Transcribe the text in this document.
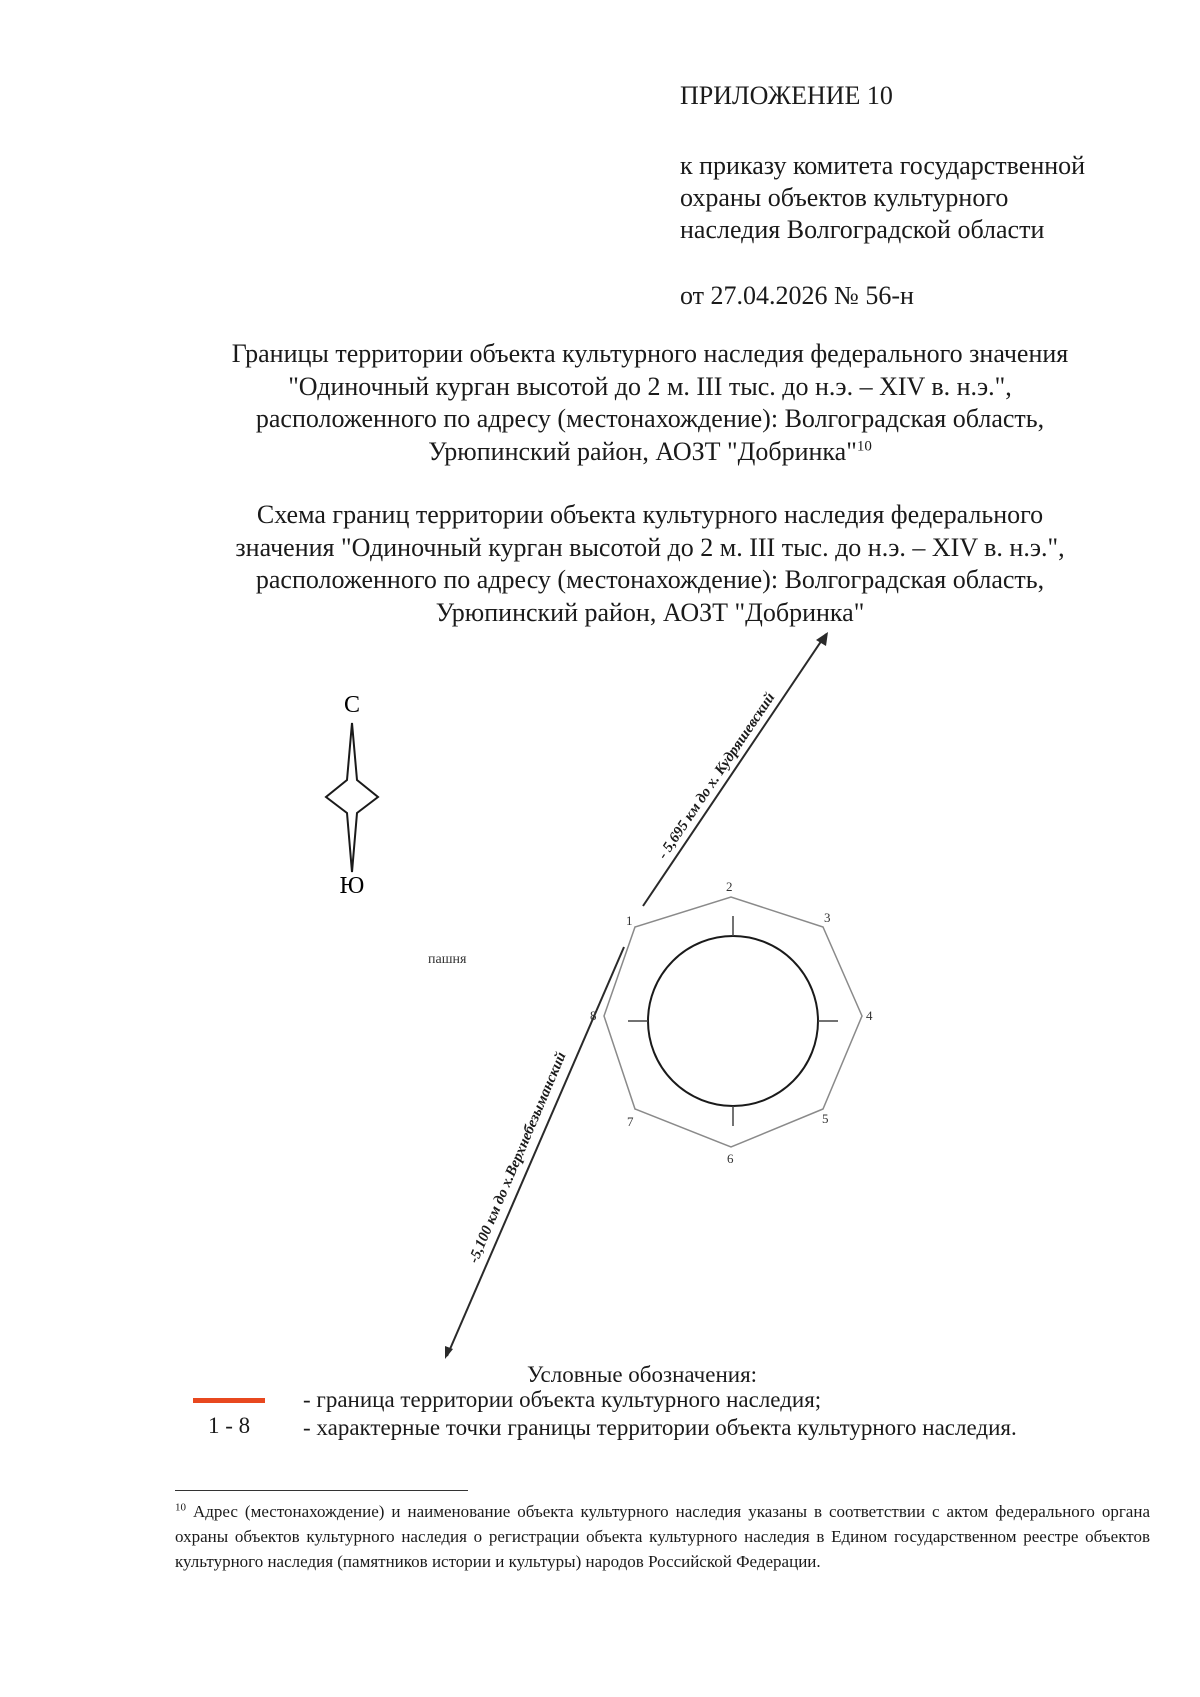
ПРИЛОЖЕНИЕ 10
к приказу комитета государственной
охраны объектов культурного
наследия Волгоградской области
от 27.04.2026 № 56-н
Границы территории объекта культурного наследия федерального значения
"Одиночный курган высотой до 2 м. III тыс. до н.э. – XIV в. н.э.",
расположенного по адресу (местонахождение): Волгоградская область,
Урюпинский район, АОЗТ "Добринка"$^{10}$
Схема границ территории объекта культурного наследия федерального
значения "Одиночный курган высотой до 2 м. III тыс. до н.э. – XIV в. н.э.",
расположенного по адресу (местонахождение): Волгоградская область,
Урюпинский район, АОЗТ "Добринка"
С
Ю
пашня
- 5,695 км до х. Кудряшевский
-5,100 км до х.Верхнебезыманский
1
2
3
4
5
6
7
8
Условные обозначения:
- граница территории объекта культурного наследия;
1 - 8 - характерные точки границы территории объекта культурного наследия.
$^{10}$ Адрес (местонахождение) и наименование объекта культурного наследия указаны в соответствии с актом федерального органа охраны объектов культурного наследия о регистрации объекта культурного наследия в Едином государственном реестре объектов культурного наследия (памятников истории и культуры) народов Российской Федерации.
